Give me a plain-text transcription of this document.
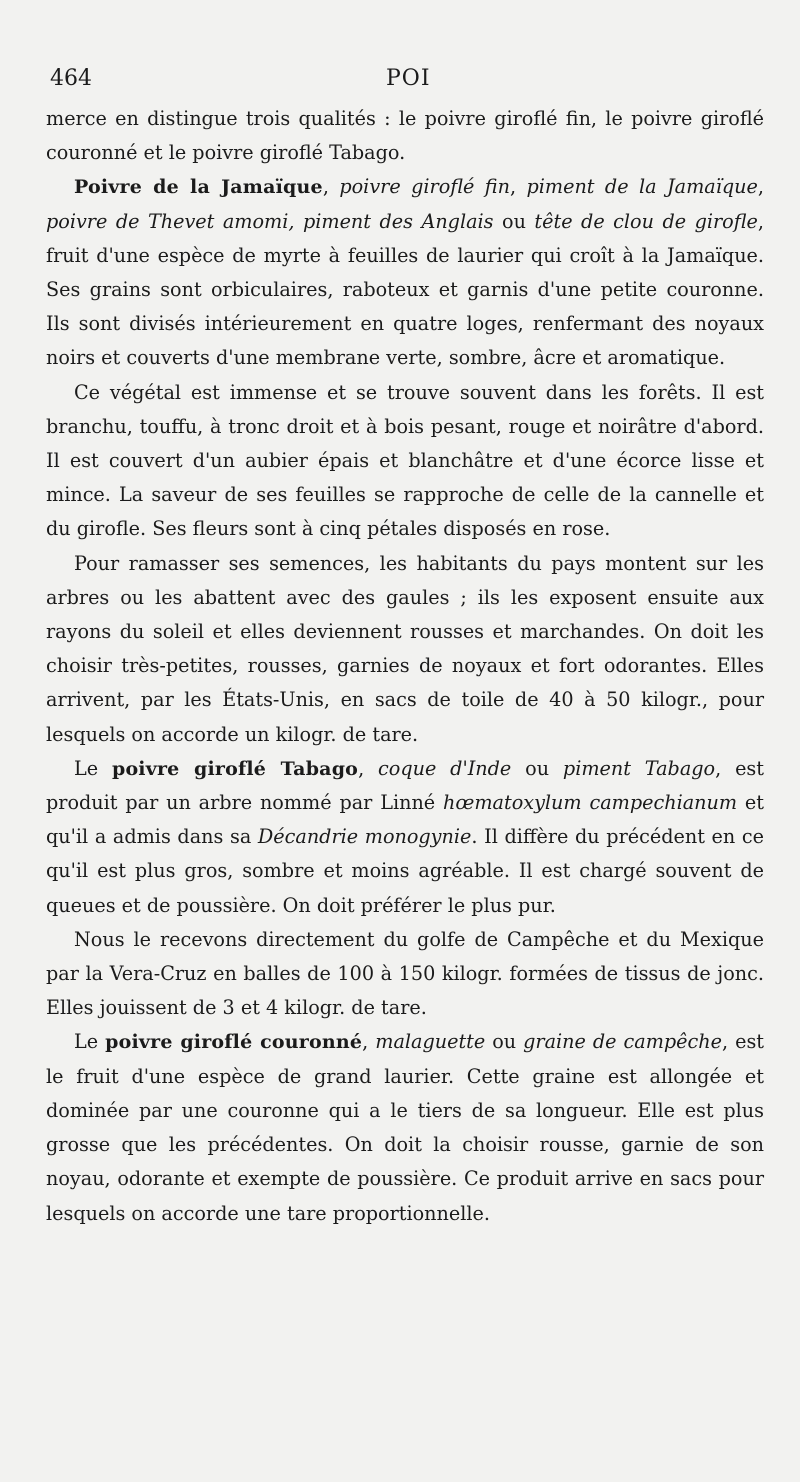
464	POI

merce en distingue trois qualités : le poivre giroflé fin, le poivre giroflé couronné et le poivre giroflé Tabago.

Poivre de la Jamaïque, poivre giroflé fin, piment de la Jamaïque, poivre de Thevet amomi, piment des Anglais ou tête de clou de girofle, fruit d'une espèce de myrte à feuilles de laurier qui croît à la Jamaïque. Ses grains sont orbiculaires, raboteux et garnis d'une petite couronne. Ils sont divisés intérieurement en quatre loges, renfermant des noyaux noirs et couverts d'une membrane verte, sombre, âcre et aromatique.

Ce végétal est immense et se trouve souvent dans les forêts. Il est branchu, touffu, à tronc droit et à bois pesant, rouge et noirâtre d'abord. Il est couvert d'un aubier épais et blanchâtre et d'une écorce lisse et mince. La saveur de ses feuilles se rapproche de celle de la cannelle et du girofle. Ses fleurs sont à cinq pétales disposés en rose.

Pour ramasser ses semences, les habitants du pays montent sur les arbres ou les abattent avec des gaules ; ils les exposent ensuite aux rayons du soleil et elles deviennent rousses et marchandes. On doit les choisir très-petites, rousses, garnies de noyaux et fort odorantes. Elles arrivent, par les États-Unis, en sacs de toile de 40 à 50 kilogr., pour lesquels on accorde un kilogr. de tare.

Le poivre giroflé Tabago, coque d'Inde ou piment Tabago, est produit par un arbre nommé par Linné hœmatoxylum campechianum et qu'il a admis dans sa Décandrie monogynie. Il diffère du précédent en ce qu'il est plus gros, sombre et moins agréable. Il est chargé souvent de queues et de poussière. On doit préférer le plus pur.

Nous le recevons directement du golfe de Campêche et du Mexique par la Vera-Cruz en balles de 100 à 150 kilogr. formées de tissus de jonc. Elles jouissent de 3 et 4 kilogr. de tare.

Le poivre giroflé couronné, malaguette ou graine de campêche, est le fruit d'une espèce de grand laurier. Cette graine est allongée et dominée par une couronne qui a le tiers de sa longueur. Elle est plus grosse que les précédentes. On doit la choisir rousse, garnie de son noyau, odorante et exempte de poussière. Ce produit arrive en sacs pour lesquels on accorde une tare proportionnelle.
